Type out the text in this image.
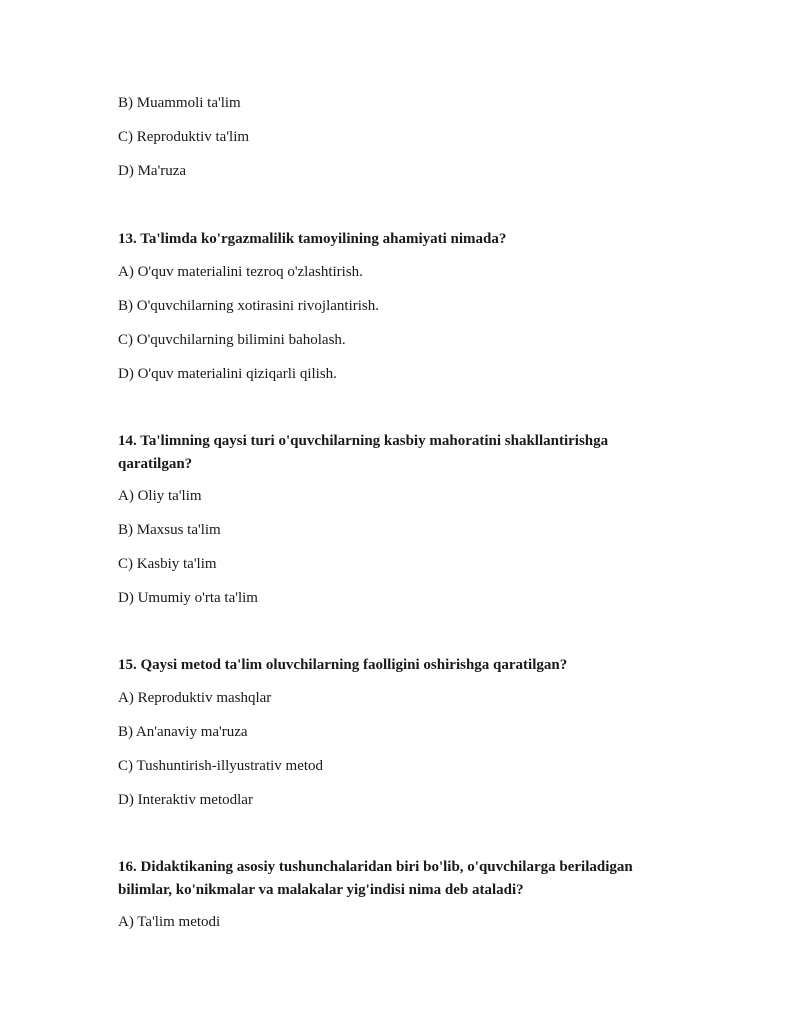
B) Muammoli ta'lim
C) Reproduktiv ta'lim
D) Ma'ruza
13. Ta'limda ko'rgazmalilik tamoyilining ahamiyati nimada?
A) O'quv materialini tezroq o'zlashtirish.
B) O'quvchilarning xotirasini rivojlantirish.
C) O'quvchilarning bilimini baholash.
D) O'quv materialini qiziqarli qilish.
14. Ta'limning qaysi turi o'quvchilarning kasbiy mahoratini shakllantirishga qaratilgan?
A) Oliy ta'lim
B) Maxsus ta'lim
C) Kasbiy ta'lim
D) Umumiy o'rta ta'lim
15. Qaysi metod ta'lim oluvchilarning faolligini oshirishga qaratilgan?
A) Reproduktiv mashqlar
B) An'anaviy ma'ruza
C) Tushuntirish-illyustrativ metod
D) Interaktiv metodlar
16. Didaktikaning asosiy tushunchalaridan biri bo'lib, o'quvchilarga beriladigan bilimlar, ko'nikmalar va malakalar yig'indisi nima deb ataladi?
A) Ta'lim metodi
